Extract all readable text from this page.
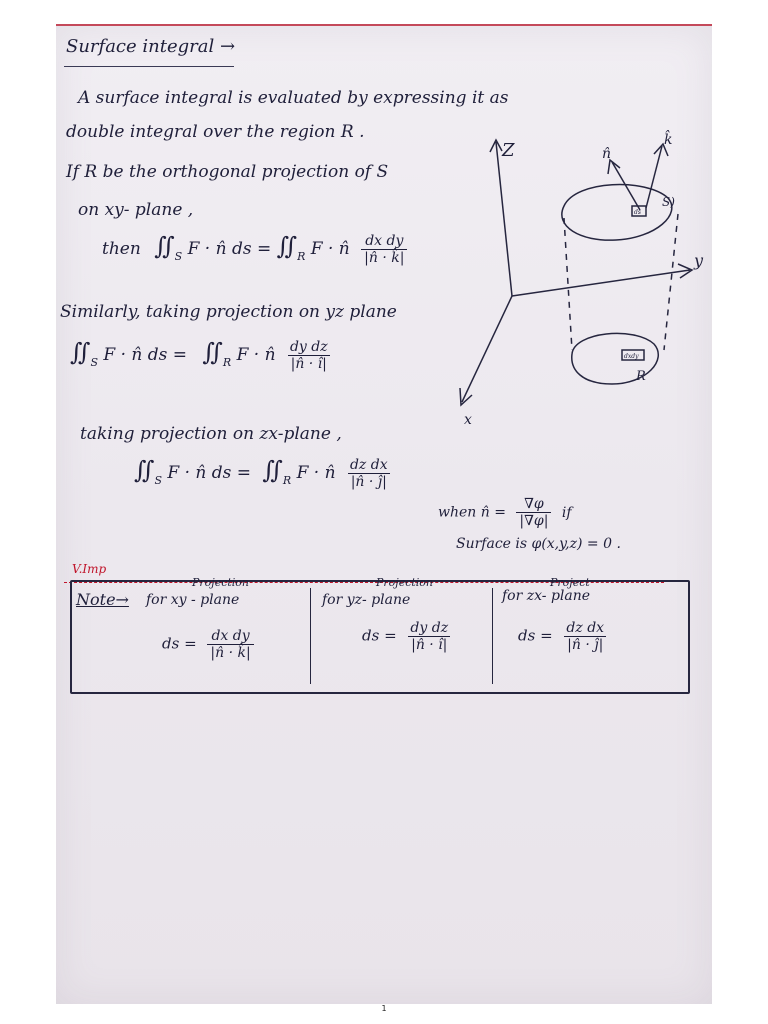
Surface integral →
A surface integral is evaluated by expressing it as
double integral over the region R .
If R be the orthogonal projection of S
on xy- plane ,
then $∬_S$ F · n̂ ds = $∬_R$ F · n̂ $\frac{\text{dx dy}}{|n̂ \cdot k̂|}$
Similarly, taking projection on yz plane
$∬_S$ F · n̂ ds = $∬_R$ F · n̂ $\frac{\text{dy dz}}{|n̂ \cdot î|}$
taking projection on zx-plane ,
$∬_S$ F · n̂ ds = $∬_R$ F · n̂ $\frac{\text{dz dx}}{|n̂ \cdot ĵ|}$
when n̂ = $\frac{\nabla\varphi}{|\nabla\varphi|}$ if
Surface is φ(x,y,z) = 0 .
V.Imp
Note→
Projection
for xy - plane
ds = $\frac{\text{dx dy}}{|n̂ \cdot k̂|}$
Projection
for yz- plane
ds = $\frac{\text{dy dz}}{|n̂ \cdot î|}$
Project
for zx- plane
ds = $\frac{\text{dz dx}}{|n̂ \cdot ĵ|}$
Z
y
x
n̂
k̂
S)
ds
dxdy
R
1
